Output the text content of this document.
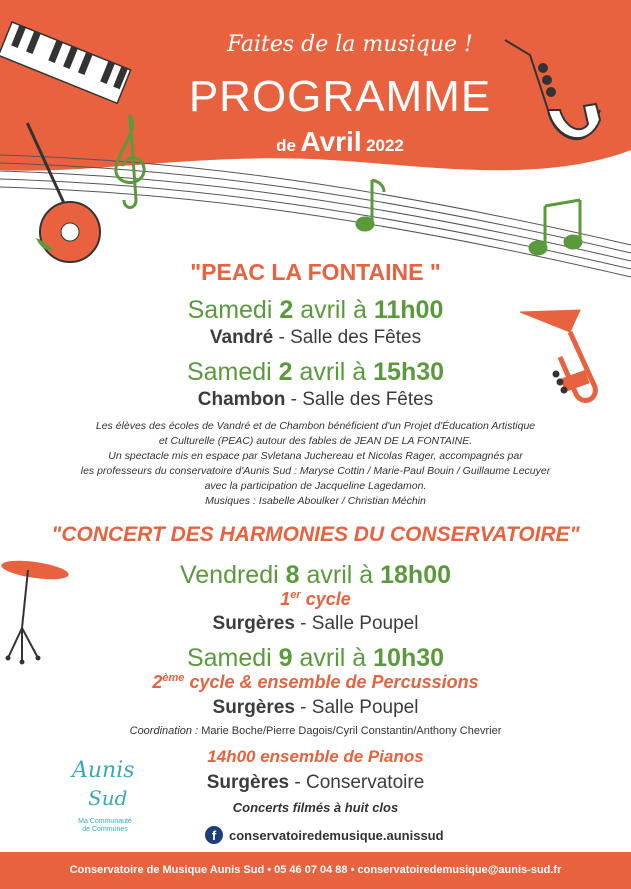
Faites de la musique !
PROGRAMME
de Avril 2022
"PEAC LA FONTAINE "
Samedi 2 avril à 11h00
Vandré - Salle des Fêtes
Samedi 2 avril à 15h30
Chambon - Salle des Fêtes
Les élèves des écoles de Vandré et de Chambon bénéficient d'un Projet d'Éducation Artistique
et Culturelle (PEAC) autour des fables de JEAN DE LA FONTAINE.
Un spectacle mis en espace par Svletana Juchereau et Nicolas Rager, accompagnés par
les professeurs du conservatoire d'Aunis Sud : Maryse Cottin / Marie-Paul Bouin / Guillaume Lecuyer
avec la participation de Jacqueline Lagedamon.
Musiques : Isabelle Aboulker / Christian Méchin
"CONCERT DES HARMONIES DU CONSERVATOIRE"
Vendredi 8 avril à 18h00
1er cycle
Surgères - Salle Poupel
Samedi 9 avril à 10h30
2ème cycle & ensemble de Percussions
Surgères - Salle Poupel
Coordination : Marie Boche/Pierre Dagois/Cyril Constantin/Anthony Chevrier
14h00 ensemble de Pianos
Surgères - Conservatoire
Concerts filmés à huit clos
Aunis
Sud
Ma Communauté
de Communes	f conservatoiredemusique.aunissud
Conservatoire de Musique Aunis Sud • 05 46 07 04 88 • conservatoiredemusique@aunis-sud.fr
